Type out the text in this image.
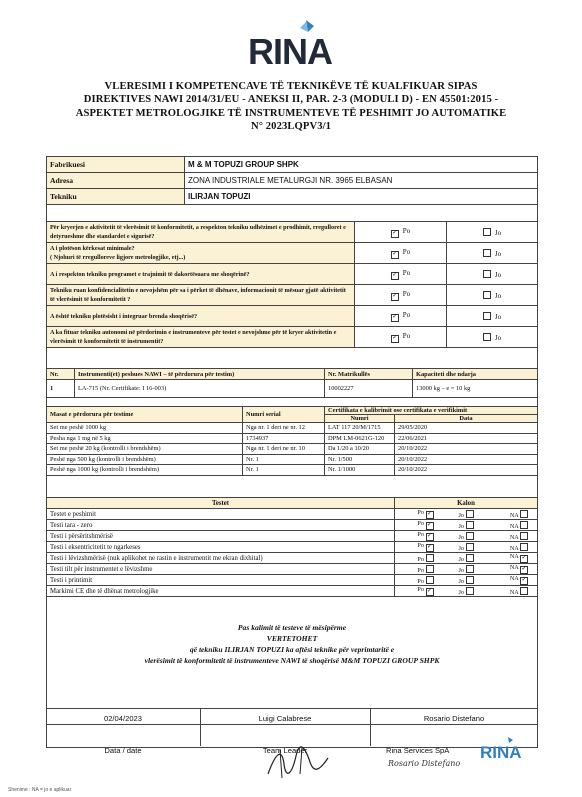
RINA
VLERESIMI I KOMPETENCAVE TË TEKNIKËVE TË KUALFIKUAR SIPAS
DIREKTIVES NAWI 2014/31/EU - ANEKSI II, PAR. 2-3 (MODULI D) - EN 45501:2015 -
ASPEKTET METROLOGJIKE TË INSTRUMENTEVE TË PESHIMIT JO AUTOMATIKE
N° 2023LQPV3/1
Fabrikuesi	M & M TOPUZI GROUP SHPK
Adresa	ZONA INDUSTRIALE METALURGJI NR. 3965 ELBASAN
Tekniku	ILIRJAN TOPUZI
Për kryerjen e aktivitetit të vlerësimit të konformitetit, a respekton tekniku udhëzimet e prodhimit, rregulloret e detyrueshme dhe standardet e sigurisë?	✓ Po	Jo
A i plotëson kërkesat minimale?
( Njohuri të rregulloreve ligjore metrologjike, etj...)	✓ Po	Jo
A i respekton tekniku programet e trajnimit të dakortësuara me shoqërinë?	✓ Po	Jo
Tekniku ruan konfidencialitetin e nevojshëm për sa i përket të dhënave, informacionit të mësuar gjatë aktivitetit të vlerësimit të konformitetit ?	✓ Po	Jo
A është tekniku plotësisht i integruar brenda shoqërisë?	✓ Po	Jo
A ka fituar tekniku autonomi në përdorimin e instrumenteve për testet e nevojshme për të kryer aktivitetin e vlerësimit të konformitetit të instrumentit?	✓ Po	Jo
Nr.	Instrumenti(et) peshues NAWI – të përdorura për testim)	Nr. Matrikullës	Kapaciteti dhe ndarja
1	LA-715 (Nr. Certifikate: I 16-003)	10002227	13000 kg – e = 10 kg
Masat e përdorura për testime	Numri serial	Certifikata e kalibrimit ose certifikata e verifikimit	
		Numri	Data
Set me peshë 1000 kg	Nga nr. 1 deri ne nr. 12	LAT 117 20/M/1715	29/05/2020
Pesha nga 1 mg në 5 kg	1734937	DPM LM-0621G-120	22/06/2021
Set me peshë 20 kg (kontrolli i brendshëm)	Nga nr. 1 deri ne nr. 10	Da 1/20 a 10/20	20/10/2022
Peshë nga 500 kg (kontrolli i brendshëm)	Nr. 1	Nr. 1/500	20/10/2022
Peshë nga 1000 kg (kontrolli i brendshëm)	Nr. 1	Nr. 1/1000	20/10/2022
Testet	Kalon		
Testet e peshimit	Po ✓	Jo	NA
Testi tara - zero	Po ✓	Jo	NA
Testi i përsëritshmërisë	Po ✓	Jo	NA
Testi i eksentricitetit te ngarkeses	Po ✓	Jo	NA
Testi i lëvizshmërisë (nuk aplikohet ne rastin e instrumentit me ekran dixhital)	Po	Jo	NA ✓
Testi tilt për instrumentet e lëvizshme	Po	Jo	NA ✓
Testi i printimit	Po	Jo	NA ✓
Markimi CE dhe të dhënat metrologjike	Po ✓	Jo	NA
Pas kalimit të testeve të mësipërme
VERTETOHET
që tekniku ILIRJAN TOPUZI ka aftësi teknike për veprimtaritë e
vlerësimit të konformitetit të instrumenteve NAWI të shoqërisë M&M TOPUZI GROUP SHPK
02/04/2023	Luigi Calabrese	Rosario Distefano
Data / date	Team Leader	Rina Services SpA
Rosario Distefano
RINA
Shenime : NA = jo e aplikuar
